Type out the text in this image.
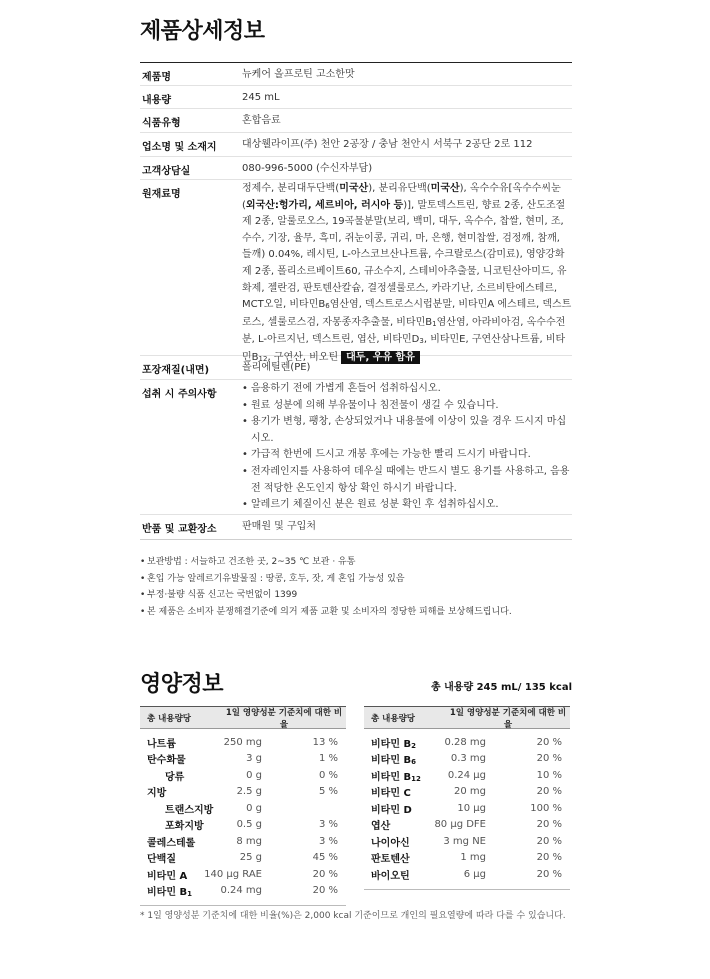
제품상세정보
제품명	뉴케어 올프로틴 고소한맛
내용량	245 mL
식품유형	혼합음료
업소명 및 소재지	대상웰라이프(주) 천안 2공장 / 충남 천안시 서북구 2공단 2로 112
고객상담실	080-996-5000 (수신자부담)
원재료명
정제수, 분리대두단백(미국산), 분리유단백(미국산), 옥수수유[옥수수씨눈(외국산:헝가리, 세르비아, 러시아 등)], 말토덱스트린, 향료 2종, 산도조절제 2종, 알룰로오스, 19곡물분말(보리, 백미, 대두, 옥수수, 찹쌀, 현미, 조, 수수, 기장, 율무, 흑미, 쥐눈이콩, 귀리, 마, 은행, 현미찹쌀, 검정깨, 참깨, 들깨) 0.04%, 레시틴, L-아스코브산나트륨, 수크랄로스(감미료), 영양강화제 2종, 폴리소르베이트60, 규소수지, 스테비아추출물, 니코틴산아미드, 유화제, 젤란검, 판토텐산칼슘, 결정셀룰로스, 카라기난, 소르비탄에스테르, MCT오일, 비타민$B_6$염산염, 덱스트로스시럽분말, 비타민A 에스테르, 덱스트로스, 셀룰로스검, 자몽종자추출물, 비타민$B_1$염산염, 아라비아검, 옥수수전분, L-아르지닌, 덱스트린, 엽산, 비타민$D_3$, 비타민E, 구연산삼나트륨, 비타민$B_{12}$, 구연산, 비오틴 대두, 우유 함유
포장재질(내면)	폴리에틸렌(PE)
섭취 시 주의사항
• 음용하기 전에 가볍게 흔들어 섭취하십시오.
• 원료 성분에 의해 부유물이나 침전물이 생길 수 있습니다.
• 용기가 변형, 팽창, 손상되었거나 내용물에 이상이 있을 경우 드시지 마십시오.
• 가급적 한번에 드시고 개봉 후에는 가능한 빨리 드시기 바랍니다.
• 전자레인지를 사용하여 데우실 때에는 반드시 별도 용기를 사용하고, 음용 전 적당한 온도인지 항상 확인 하시기 바랍니다.
• 알레르기 체질이신 분은 원료 성분 확인 후 섭취하십시오.
반품 및 교환장소	판매원 및 구입처
• 보관방법 : 서늘하고 건조한 곳, 2~35 ℃ 보관 · 유통
• 혼입 가능 알레르기유발물질 : 땅콩, 호두, 잣, 게 혼입 가능성 있음
• 부정·불량 식품 신고는 국번없이 1399
• 본 제품은 소비자 분쟁해결기준에 의거 제품 교환 및 소비자의 정당한 피해를 보상해드립니다.
영양정보	총 내용량 245 mL/ 135 kcal
총 내용량당
1일 영양성분 기준치에 대한 비율
나트륨	250 mg	13 %
탄수화물	3 g	1 %
당류	0 g	0 %
지방	2.5 g	5 %
트랜스지방	0 g
포화지방	0.5 g	3 %
콜레스테롤	8 mg	3 %
단백질	25 g	45 %
비타민 A	140 μg RAE	20 %
비타민 $B_1$	0.24 mg	20 %
총 내용량당
1일 영양성분 기준치에 대한 비율
비타민 $B_2$	0.28 mg	20 %
비타민 $B_6$	0.3 mg	20 %
비타민 $B_{12}$	0.24 μg	10 %
비타민 C	20 mg	20 %
비타민 D	10 μg	100 %
엽산	80 μg DFE	20 %
나이아신	3 mg NE	20 %
판토텐산	1 mg	20 %
바이오틴	6 μg	20 %
* 1일 영양성분 기준치에 대한 비율(%)은 2,000 kcal 기준이므로 개인의 필요열량에 따라 다를 수 있습니다.
